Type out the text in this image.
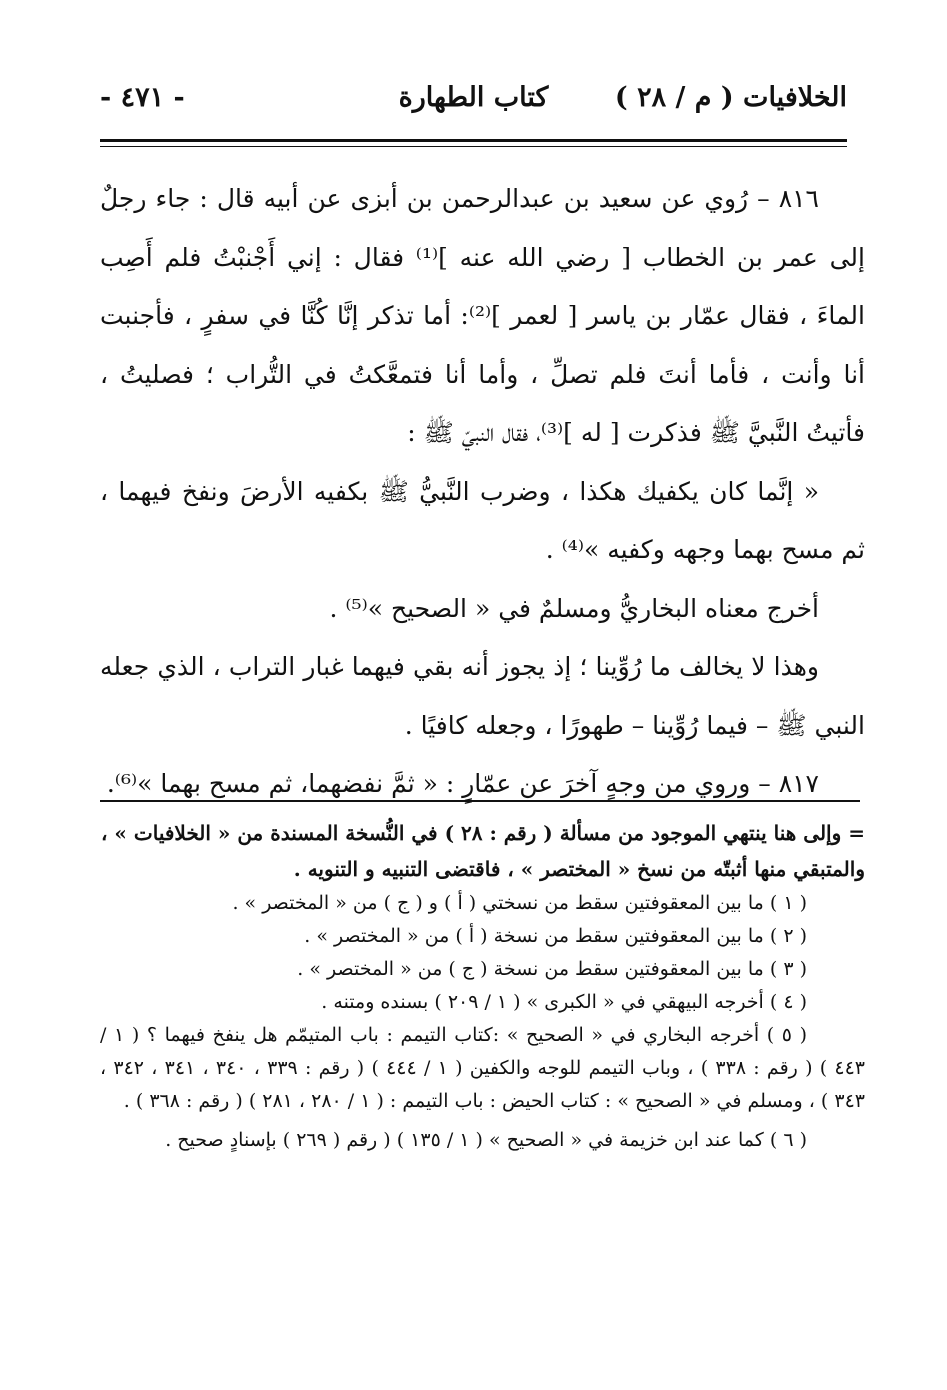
الخلافيات ( م / ٢٨ )
كتاب الطهارة
- ٤٧١ -

٨١٦ – رُوي عن سعيد بن عبدالرحمن بن أبزى عن أبيه قال : جاء رجلٌ إلى عمر بن الخطاب [ رضي الله عنه ]⁽¹⁾ فقال : إني أَجْنبْتُ فلم أَصِب الماءَ ، فقال عمّار بن ياسر [ لعمر ]⁽²⁾: أما تذكر إنَّا كُنَّا في سفرٍ ، فأجنبت أنا وأنت ، فأما أنتَ فلم تصلِّ ، وأما أنا فتمعَّكتُ في التُّراب ؛ فصليتُ ، فأتيتُ النَّبيَّ ﷺ فذكرت [ له ]⁽³⁾، فقال النبيّ ﷺ :

« إنَّما كان يكفيك هكذا ، وضرب النَّبيُّ ﷺ بكفيه الأرضَ ونفخ فيهما ، ثم مسح بهما وجهه وكفيه »⁽⁴⁾ .

أخرج معناه البخاريُّ ومسلمٌ في « الصحيح »⁽⁵⁾ .

وهذا لا يخالف ما رُوِّينا ؛ إذ يجوز أنه بقي فيهما غبار التراب ، الذي جعله النبي ﷺ – فيما رُوِّينا – طهورًا ، وجعله كافيًا .

٨١٧ – وروي من وجهٍ آخرَ عن عمّارٍ : « ثمَّ نفضهما، ثم مسح بهما »⁽⁶⁾.

= وإلى هنا ينتهي الموجود من مسألة ( رقم : ٢٨ ) في النُّسخة المسندة من « الخلافيات » ، والمتبقي منها أثبتّه من نسخ « المختصر » ، فاقتضى التنبيه و التنويه .

( ١ ) ما بين المعقوفتين سقط من نسختي ( أ ) و ( ج ) من « المختصر » .

( ٢ ) ما بين المعقوفتين سقط من نسخة ( أ ) من « المختصر » .

( ٣ ) ما بين المعقوفتين سقط من نسخة ( ج ) من « المختصر » .

( ٤ ) أخرجه البيهقي في « الكبرى » ( ١ / ٢٠٩ ) بسنده ومتنه .

( ٥ ) أخرجه البخاري في « الصحيح » :كتاب التيمم : باب المتيمّم هل ينفخ فيهما ؟ ( ١ / ٤٤٣ ) ( رقم : ٣٣٨ ) ، وباب التيمم للوجه والكفين ( ١ / ٤٤٤ ) ( رقم : ٣٣٩ ، ٣٤٠ ، ٣٤١ ، ٣٤٢ ، ٣٤٣ ) ، ومسلم في « الصحيح » : كتاب الحيض : باب التيمم : ( ١ / ٢٨٠ ، ٢٨١ ) ( رقم : ٣٦٨ ) .

( ٦ ) كما عند ابن خزيمة في « الصحيح » ( ١ / ١٣٥ ) ( رقم ( ٢٦٩ ) بإسنادٍ صحيح .
